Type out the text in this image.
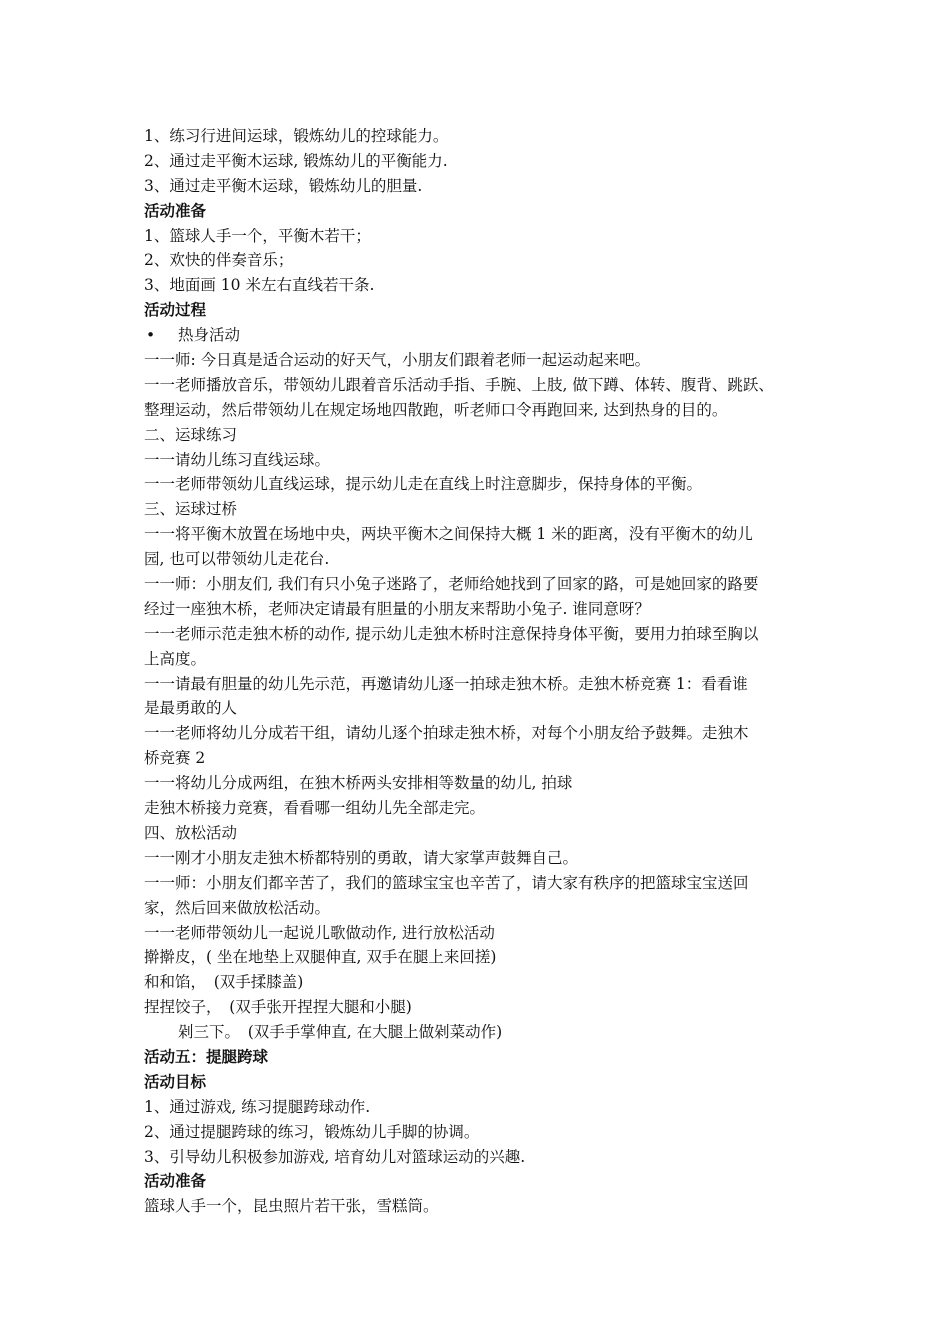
1、练习行进间运球，锻炼幼儿的控球能力。
2、通过走平衡木运球, 锻炼幼儿的平衡能力.
3、通过走平衡木运球，锻炼幼儿的胆量.
活动准备
1、篮球人手一个，平衡木若干；
2、欢快的伴奏音乐；
3、地面画 10 米左右直线若干条.
活动过程
• 热身活动
一一师: 今日真是适合运动的好天气，小朋友们跟着老师一起运动起来吧。
一一老师播放音乐，带领幼儿跟着音乐活动手指、手腕、上肢, 做下蹲、体转、腹背、跳跃、
整理运动，然后带领幼儿在规定场地四散跑，听老师口令再跑回来, 达到热身的目的。
二、运球练习
一一请幼儿练习直线运球。
一一老师带领幼儿直线运球，提示幼儿走在直线上时注意脚步，保持身体的平衡。
三、运球过桥
一一将平衡木放置在场地中央，两块平衡木之间保持大概 1 米的距离，没有平衡木的幼儿
园, 也可以带领幼儿走花台.
一一师：小朋友们, 我们有只小兔子迷路了，老师给她找到了回家的路，可是她回家的路要
经过一座独木桥，老师决定请最有胆量的小朋友来帮助小兔子. 谁同意呀？
一一老师示范走独木桥的动作, 提示幼儿走独木桥时注意保持身体平衡，要用力拍球至胸以
上高度。
一一请最有胆量的幼儿先示范，再邀请幼儿逐一拍球走独木桥。走独木桥竞赛 1：看看谁
是最勇敢的人
一一老师将幼儿分成若干组，请幼儿逐个拍球走独木桥，对每个小朋友给予鼓舞。走独木
桥竞赛 2
一一将幼儿分成两组，在独木桥两头安排相等数量的幼儿, 拍球
走独木桥接力竞赛，看看哪一组幼儿先全部走完。
四、放松活动
一一刚才小朋友走独木桥都特别的勇敢，请大家掌声鼓舞自己。
一一师：小朋友们都辛苦了，我们的篮球宝宝也辛苦了，请大家有秩序的把篮球宝宝送回
家，然后回来做放松活动。
一一老师带领幼儿一起说儿歌做动作, 进行放松活动
擀擀皮，( 坐在地垫上双腿伸直, 双手在腿上来回搓)
和和馅，　(双手揉膝盖)
捏捏饺子，　(双手张开捏捏大腿和小腿)
剁三下。　(双手手掌伸直, 在大腿上做剁菜动作)
活动五：提腿跨球
活动目标
1、通过游戏, 练习提腿跨球动作.
2、通过提腿跨球的练习，锻炼幼儿手脚的协调。
3、引导幼儿积极参加游戏, 培育幼儿对篮球运动的兴趣.
活动准备
篮球人手一个，昆虫照片若干张，雪糕筒。
